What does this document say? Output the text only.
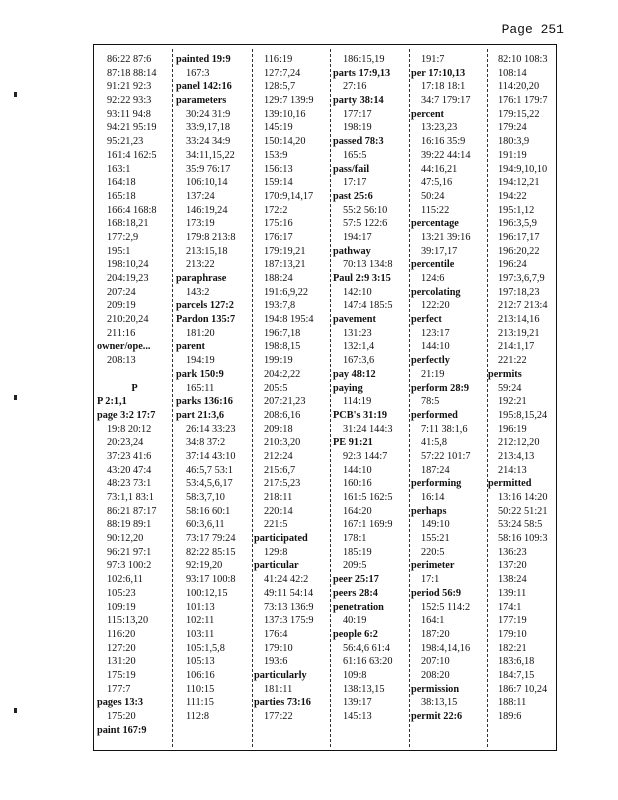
Page 251
86:22 87:6
87:18 88:14
91:21 92:3
92:22 93:3
93:11 94:8
94:21 95:19
95:21,23
161:4 162:5
163:1
164:18
165:18
166:4 168:8
168:18,21
177:2,9
195:1
198:10,24
204:19,23
207:24
209:19
210:20,24
211:16
owner/ope...
208:13
P
P 2:1,1
page 3:2 17:7
19:8 20:12
20:23,24
37:23 41:6
43:20 47:4
48:23 73:1
73:1,1 83:1
86:21 87:17
88:19 89:1
90:12,20
96:21 97:1
97:3 100:2
102:6,11
105:23
109:19
115:13,20
116:20
127:20
131:20
175:19
177:7
pages 13:3
175:20
paint 167:9
painted 19:9
167:3
panel 142:16
parameters
30:24 31:9
33:9,17,18
33:24 34:9
34:11,15,22
35:9 76:17
106:10,14
137:24
146:19,24
173:19
179:8 213:8
213:15,18
213:22
paraphrase
143:2
parcels 127:2
Pardon 135:7
181:20
parent
194:19
park 150:9
165:11
parks 136:16
part 21:3,6
26:14 33:23
34:8 37:2
37:14 43:10
46:5,7 53:1
53:4,5,6,17
58:3,7,10
58:16 60:1
60:3,6,11
73:17 79:24
82:22 85:15
92:19,20
93:17 100:8
100:12,15
101:13
102:11
103:11
105:1,5,8
105:13
106:16
110:15
111:15
112:8
116:19
127:7,24
128:5,7
129:7 139:9
139:10,16
145:19
150:14,20
153:9
156:13
159:14
170:9,14,17
172:2
175:16
176:17
179:19,21
187:13,21
188:24
191:6,9,22
193:7,8
194:8 195:4
196:7,18
198:8,15
199:19
204:2,22
205:5
207:21,23
208:6,16
209:18
210:3,20
212:24
215:6,7
217:5,23
218:11
220:14
221:5
participated
129:8
particular
41:24 42:2
49:11 54:14
73:13 136:9
137:3 175:9
176:4
179:10
193:6
particularly
181:11
parties 73:16
177:22
186:15,19
parts 17:9,13
27:16
party 38:14
177:17
198:19
passed 78:3
165:5
pass/fail
17:17
past 25:6
55:2 56:10
57:5 122:6
194:17
pathway
70:13 134:8
Paul 2:9 3:15
142:10
147:4 185:5
pavement
131:23
132:1,4
167:3,6
pay 48:12
paying
114:19
PCB's 31:19
31:24 144:3
PE 91:21
92:3 144:7
144:10
160:16
161:5 162:5
164:20
167:1 169:9
178:1
185:19
209:5
peer 25:17
peers 28:4
penetration
40:19
people 6:2
56:4,6 61:4
61:16 63:20
109:8
138:13,15
139:17
145:13
191:7
per 17:10,13
17:18 18:1
34:7 179:17
percent
13:23,23
16:16 35:9
39:22 44:14
44:16,21
47:5,16
50:24
115:22
percentage
13:21 39:16
39:17,17
percentile
124:6
percolating
122:20
perfect
123:17
144:10
perfectly
21:19
perform 28:9
78:5
performed
7:11 38:1,6
41:5,8
57:22 101:7
187:24
performing
16:14
perhaps
149:10
155:21
220:5
perimeter
17:1
period 56:9
152:5 114:2
164:1
187:20
198:4,14,16
207:10
208:20
permission
38:13,15
permit 22:6
82:10 108:3
108:14
114:20,20
176:1 179:7
179:15,22
179:24
180:3,9
191:19
194:9,10,10
194:12,21
194:22
195:1,12
196:3,5,9
196:17,17
196:20,22
196:24
197:3,6,7,9
197:18,23
212:7 213:4
213:14,16
213:19,21
214:1,17
221:22
permits
59:24
192:21
195:8,15,24
196:19
212:12,20
213:4,13
214:13
permitted
13:16 14:20
50:22 51:21
53:24 58:5
58:16 109:3
136:23
137:20
138:24
139:11
174:1
177:19
179:10
182:21
183:6,18
184:7,15
186:7 10,24
188:11
189:6
